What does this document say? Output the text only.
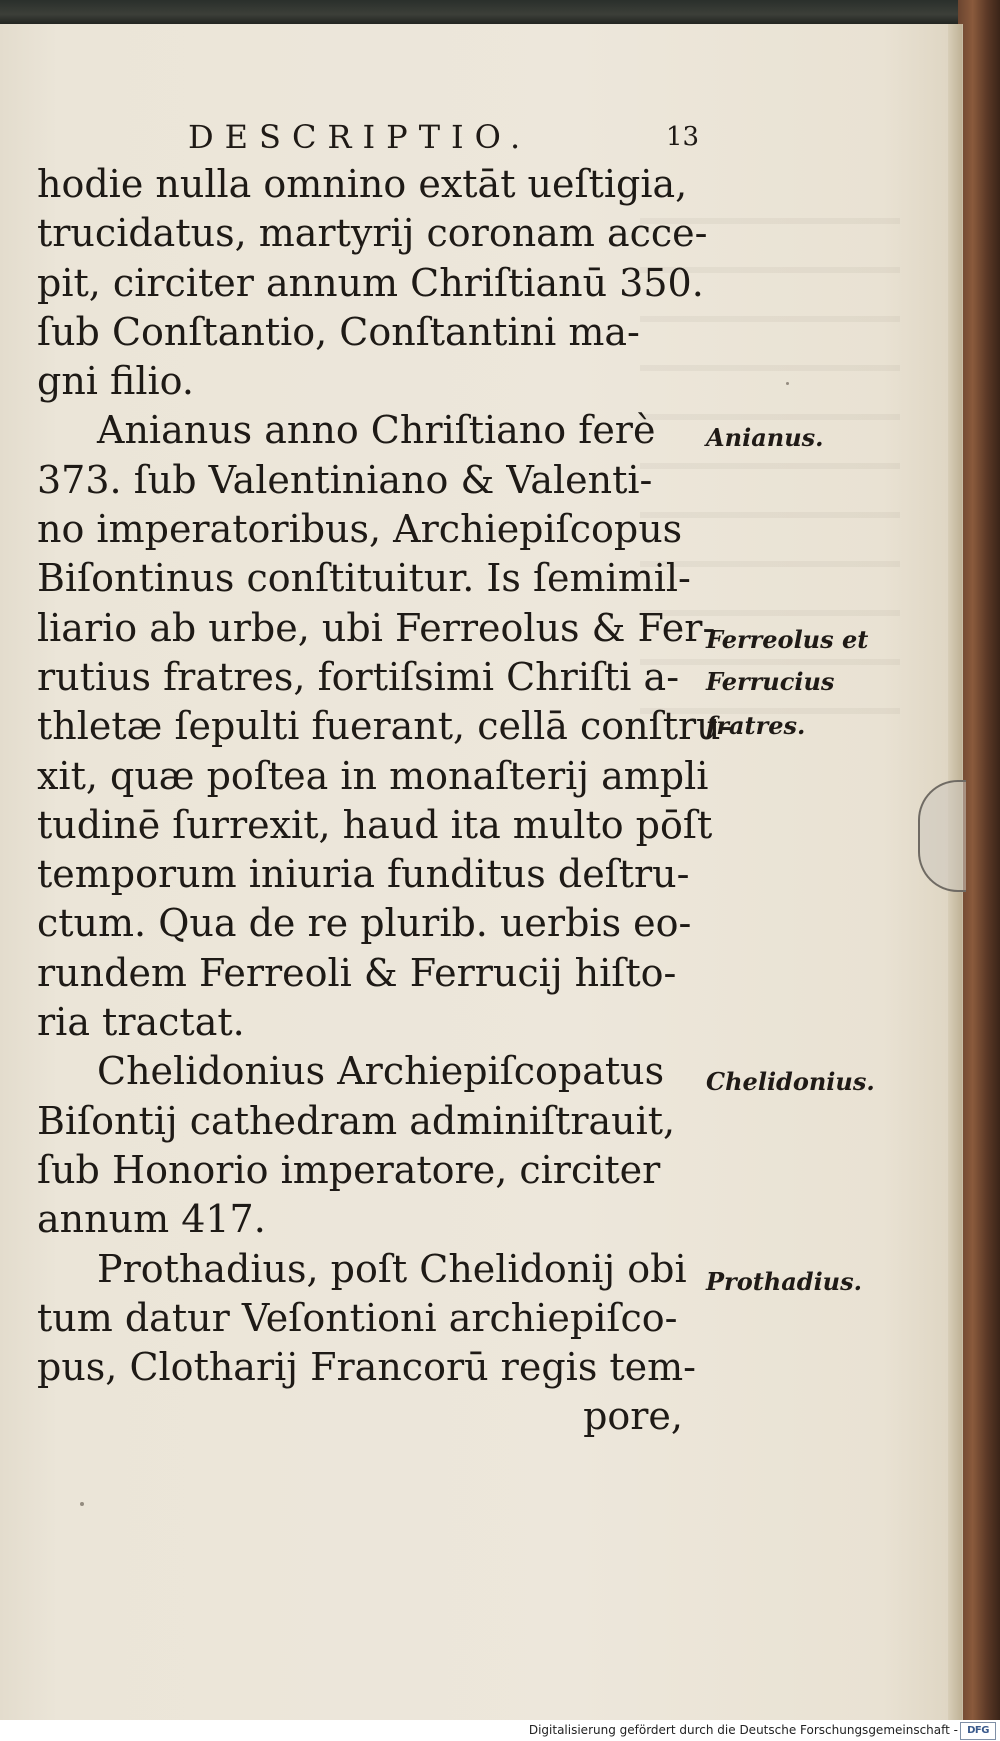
DESCRIPTIO.	13
hodie nulla omnino extāt ueſtigia,
trucidatus, martyrij coronam acce-
pit, circiter annum Chriſtianū 350.
ſub Conſtantio, Conſtantini ma-
gni filio.
Anianus anno Chriſtiano ferè
373. ſub Valentiniano & Valenti-
no imperatoribus, Archiepiſcopus
Biſontinus conſtituitur. Is ſemimil-
liario ab urbe, ubi Ferreolus & Fer-
rutius fratres, fortiſsimi Chriſti a-
thletæ ſepulti fuerant, cellā conſtru-
xit, quæ poſtea in monaſterij ampli
tudinē ſurrexit, haud ita multo pōſt
temporum iniuria funditus deſtru-
ctum. Qua de re plurib. uerbis eo-
rundem Ferreoli & Ferrucij hiſto-
ria tractat.
Chelidonius Archiepiſcopatus
Biſontij cathedram adminiſtrauit,
ſub Honorio imperatore, circiter
annum 417.
Prothadius, poſt Chelidonij obi
tum datur Veſontioni archiepiſco-
pus, Clotharij Francorū regis tem-
pore,
Anianus.
Ferreolus et
Ferrucius
fratres.
Chelidonius.
Prothadius.
Digitalisierung gefördert durch die Deutsche Forschungsgemeinschaft - DFG
